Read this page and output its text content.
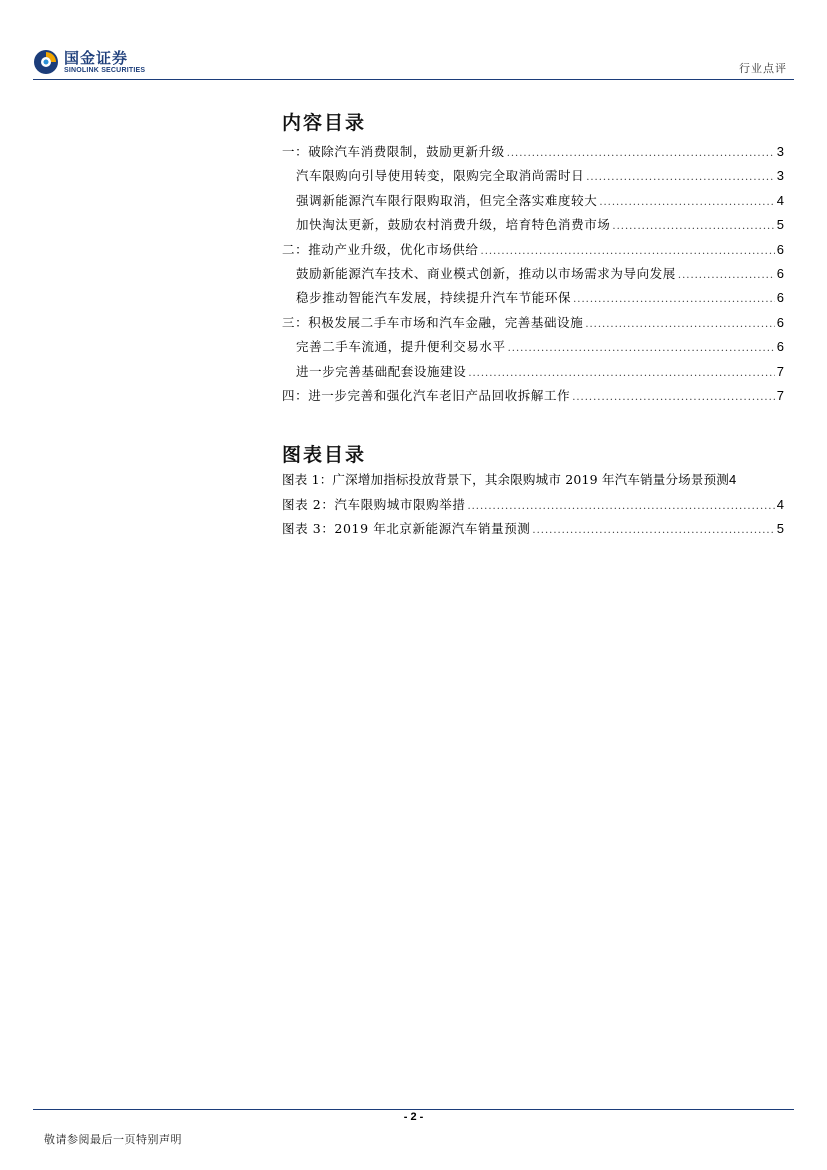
国金证券
SINOLINK SECURITIES	行业点评
内容目录
一：破除汽车消费限制，鼓励更新升级 .....	3
汽车限购向引导使用转变，限购完全取消尚需时日 .....	3
强调新能源汽车限行限购取消，但完全落实难度较大 .....	4
加快淘汰更新，鼓励农村消费升级，培育特色消费市场 .....	5
二：推动产业升级，优化市场供给 .....	6
鼓励新能源汽车技术、商业模式创新，推动以市场需求为导向发展 .....	6
稳步推动智能汽车发展，持续提升汽车节能环保 .....	6
三：积极发展二手车市场和汽车金融，完善基础设施 .....	6
完善二手车流通，提升便利交易水平 .....	6
进一步完善基础配套设施建设 .....	7
四：进一步完善和强化汽车老旧产品回收拆解工作 .....	7
图表目录
图表 1：广深增加指标投放背景下，其余限购城市 2019 年汽车销量分场景预测 4
图表 2：汽车限购城市限购举措 .....	4
图表 3：2019 年北京新能源汽车销量预测 .....	5
- 2 -
敬请参阅最后一页特别声明
